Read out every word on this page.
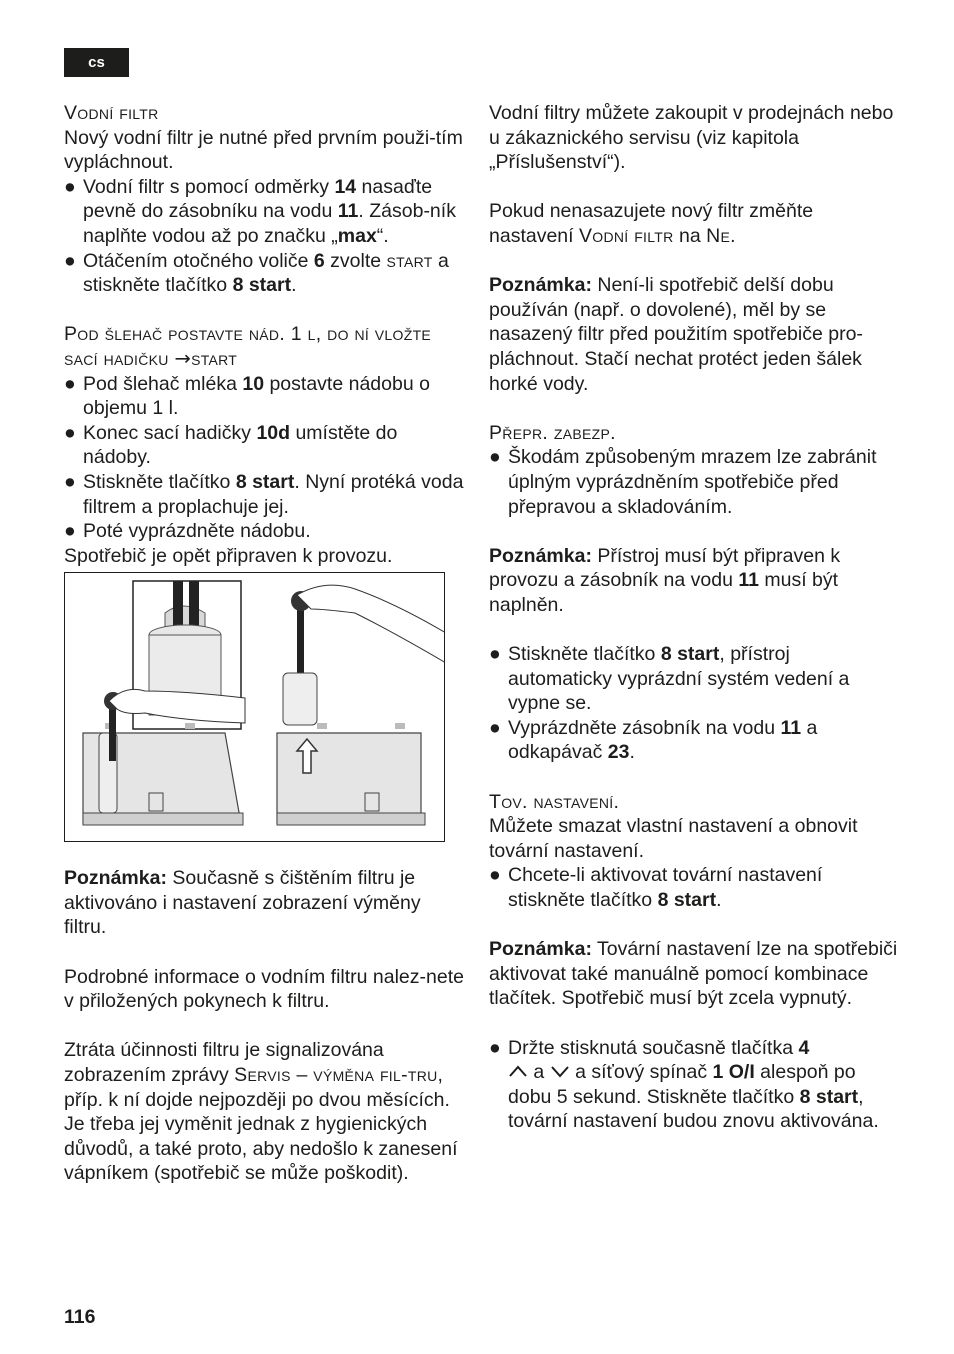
cs
Vodní filtr
Nový vodní filtr je nutné před prvním použi-tím vypláchnout.
● Vodní filtr s pomocí odměrky 14 nasaďte pevně do zásobníku na vodu 11. Zásob-ník naplňte vodou až po značku „max“.
● Otáčením otočného voliče 6 zvolte start a stiskněte tlačítko 8 start.
Pod šlehač postavte nád. 1 l, do ní vložte sací hadičku →start
● Pod šlehač mléka 10 postavte nádobu o objemu 1 l.
● Konec sací hadičky 10d umístěte do nádoby.
● Stiskněte tlačítko 8 start. Nyní protéká voda filtrem a proplachuje jej.
● Poté vyprázdněte nádobu.
Spotřebič je opět připraven k provozu.
Poznámka: Současně s čištěním filtru je aktivováno i nastavení zobrazení výměny filtru.
Podrobné informace o vodním filtru nalez-nete v přiložených pokynech k filtru.
Ztráta účinnosti filtru je signalizována zobrazením zprávy Servis – výměna fil-tru, příp. k ní dojde nejpozději po dvou měsících. Je třeba jej vyměnit jednak z hygienických důvodů, a také proto, aby nedošlo k zanesení vápníkem (spotřebič se může poškodit).
Vodní filtry můžete zakoupit v prodejnách nebo u zákaznického servisu (viz kapitola „Příslušenství“).
Pokud nenasazujete nový filtr změňte nastavení Vodní filtr na Ne.
Poznámka: Není-li spotřebič delší dobu používán (např. o dovolené), měl by se nasazený filtr před použitím spotřebiče pro-pláchnout. Stačí nechat protéct jeden šálek horké vody.
Přepr. zabezp.
● Škodám způsobeným mrazem lze zabránit úplným vyprázdněním spotřebiče před přepravou a skladováním.
Poznámka: Přístroj musí být připraven k provozu a zásobník na vodu 11 musí být naplněn.
● Stiskněte tlačítko 8 start, přístroj automaticky vyprázdní systém vedení a vypne se.
● Vyprázdněte zásobník na vodu 11 a odkapávač 23.
Tov. nastavení.
Můžete smazat vlastní nastavení a obnovit tovární nastavení.
● Chcete-li aktivovat tovární nastavení stiskněte tlačítko 8 start.
Poznámka: Tovární nastavení lze na spotřebiči aktivovat také manuálně pomocí kombinace tlačítek. Spotřebič musí být zcela vypnutý.
● Držte stisknutá současně tlačítka 4
a  a síťový spínač 1 O/I alespoň po dobu 5 sekund. Stiskněte tlačítko 8 start, tovární nastavení budou znovu aktivována.
116
